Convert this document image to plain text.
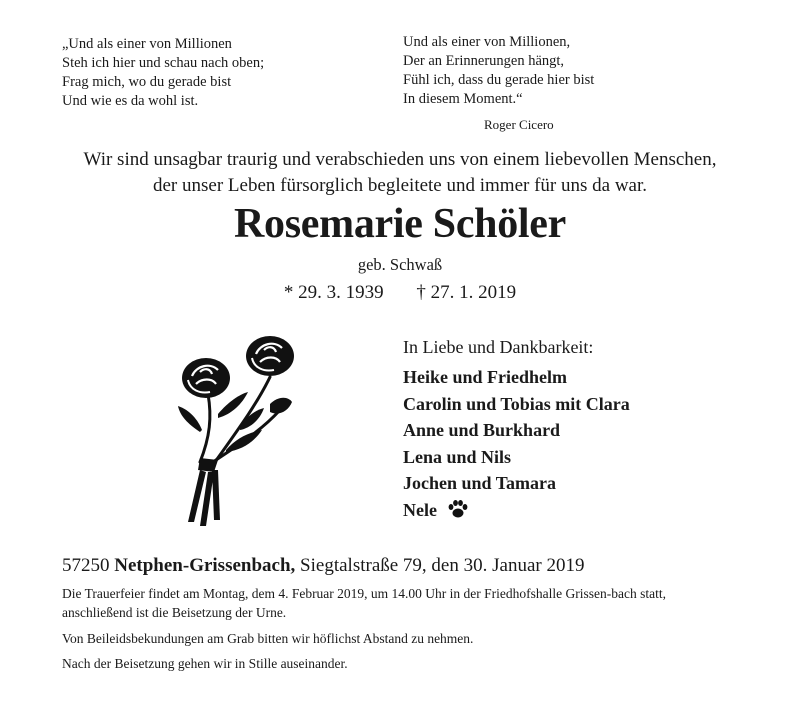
„Und als einer von Millionen
Steh ich hier und schau nach oben;
Frag mich, wo du gerade bist
Und wie es da wohl ist.
Und als einer von Millionen,
Der an Erinnerungen hängt,
Fühl ich, dass du gerade hier bist
In diesem Moment.“
Roger Cicero
Wir sind unsagbar traurig und verabschieden uns von einem liebevollen Menschen,
der unser Leben fürsorglich begleitete und immer für uns da war.
Rosemarie Schöler
geb. Schwaß
* 29. 3. 1939 † 27. 1. 2019
In Liebe und Dankbarkeit:
Heike und Friedhelm
Carolin und Tobias mit Clara
Anne und Burkhard
Lena und Nils
Jochen und Tamara
Nele
57250 Netphen-Grissenbach, Siegtalstraße 79, den 30. Januar 2019
Die Trauerfeier findet am Montag, dem 4. Februar 2019, um 14.00 Uhr in der Friedhofshalle Grissen-bach statt, anschließend ist die Beisetzung der Urne.
Von Beileidsbekundungen am Grab bitten wir höflichst Abstand zu nehmen.
Nach der Beisetzung gehen wir in Stille auseinander.
